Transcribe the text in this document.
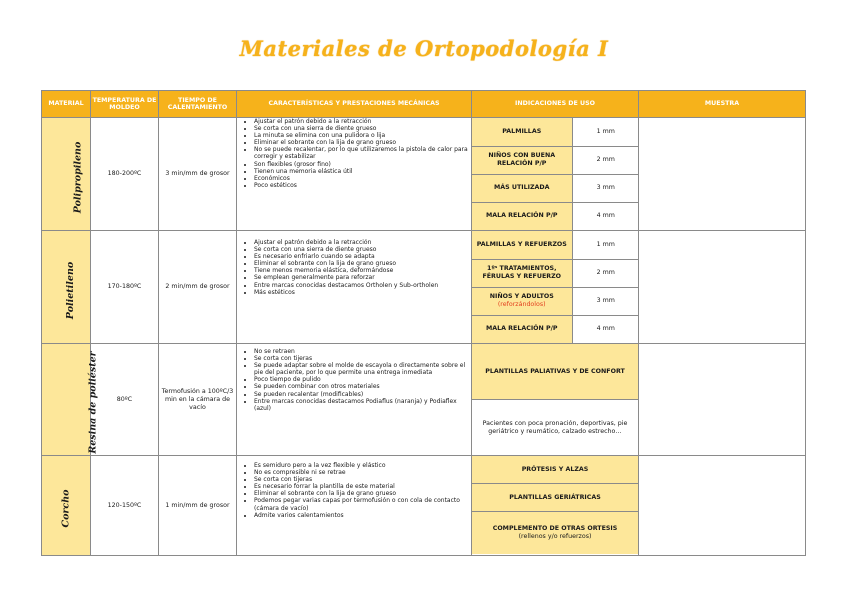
Materiales de Ortopodología I
MATERIAL	TEMPERATURA DE MOLDEO	TIEMPO DE CALENTAMIENTO	CARACTERÍSTICAS Y PRESTACIONES MECÁNICAS	INDICACIONES DE USO	MUESTRA
Polipropileno	180-200ºC	3 min/mm de grosor	
• Ajustar el patrón debido a la retracción
• Se corta con una sierra de diente grueso
• La minuta se elimina con una pulidora o lija
• Eliminar el sobrante con la lija de grano grueso
• No se puede recalentar, por lo que utilizaremos la pistola de calor para corregir y estabilizar
• Son flexibles (grosor fino)
• Tienen una memoria elástica útil
• Económicos
• Poco estéticos

PALMILLAS	1 mm
NIÑOS CON BUENA RELACIÓN P/P	2 mm
MÁS UTILIZADA	3 mm
MALA RELACIÓN P/P	4 mm

Polietileno	170-180ºC	2 min/mm de grosor	
• Ajustar el patrón debido a la retracción
• Se corta con una sierra de diente grueso
• Es necesario enfriarlo cuando se adapta
• Eliminar el sobrante con la lija de grano grueso
• Tiene menos memoria elástica, deformándose
• Se emplean generalmente para reforzar
• Entre marcas conocidas destacamos Ortholen y Sub-ortholen
• Más estéticos

PALMILLAS Y REFUERZOS	1 mm
1ºˢ TRATAMIENTOS, FÉRULAS Y REFUERZO	2 mm
NIÑOS Y ADULTOS
(reforzándolos)	3 mm
MALA RELACIÓN P/P	4 mm

Resina de poliéster	80ºC	Termofusión a 100ºC/3 min en la cámara de vacío	
• No se retraen
• Se corta con tijeras
• Se puede adaptar sobre el molde de escayola o directamente sobre el pie del paciente, por lo que permite una entrega inmediata
• Poco tiempo de pulido
• Se pueden combinar con otros materiales
• Se pueden recalentar (modificables)
• Entre marcas conocidas destacamos Podiaflus (naranja) y Podiaflex (azul)

PLANTILLAS PALIATIVAS Y DE CONFORT
Pacientes con poca pronación, deportivas, pie geriátrico y reumático, calzado estrecho…

Corcho	120-150ºC	1 min/mm de grosor	
• Es semiduro pero a la vez flexible y elástico
• No es compresible ni se retrae
• Se corta con tijeras
• Es necesario forrar la plantilla de este material
• Eliminar el sobrante con la lija de grano grueso
• Podemos pegar varias capas por termofusión o con cola de contacto (cámara de vacío)
• Admite varios calentamientos

PRÓTESIS Y ALZAS
PLANTILLAS GERIÁTRICAS
COMPLEMENTO DE OTRAS ORTESIS
(rellenos y/o refuerzos)
